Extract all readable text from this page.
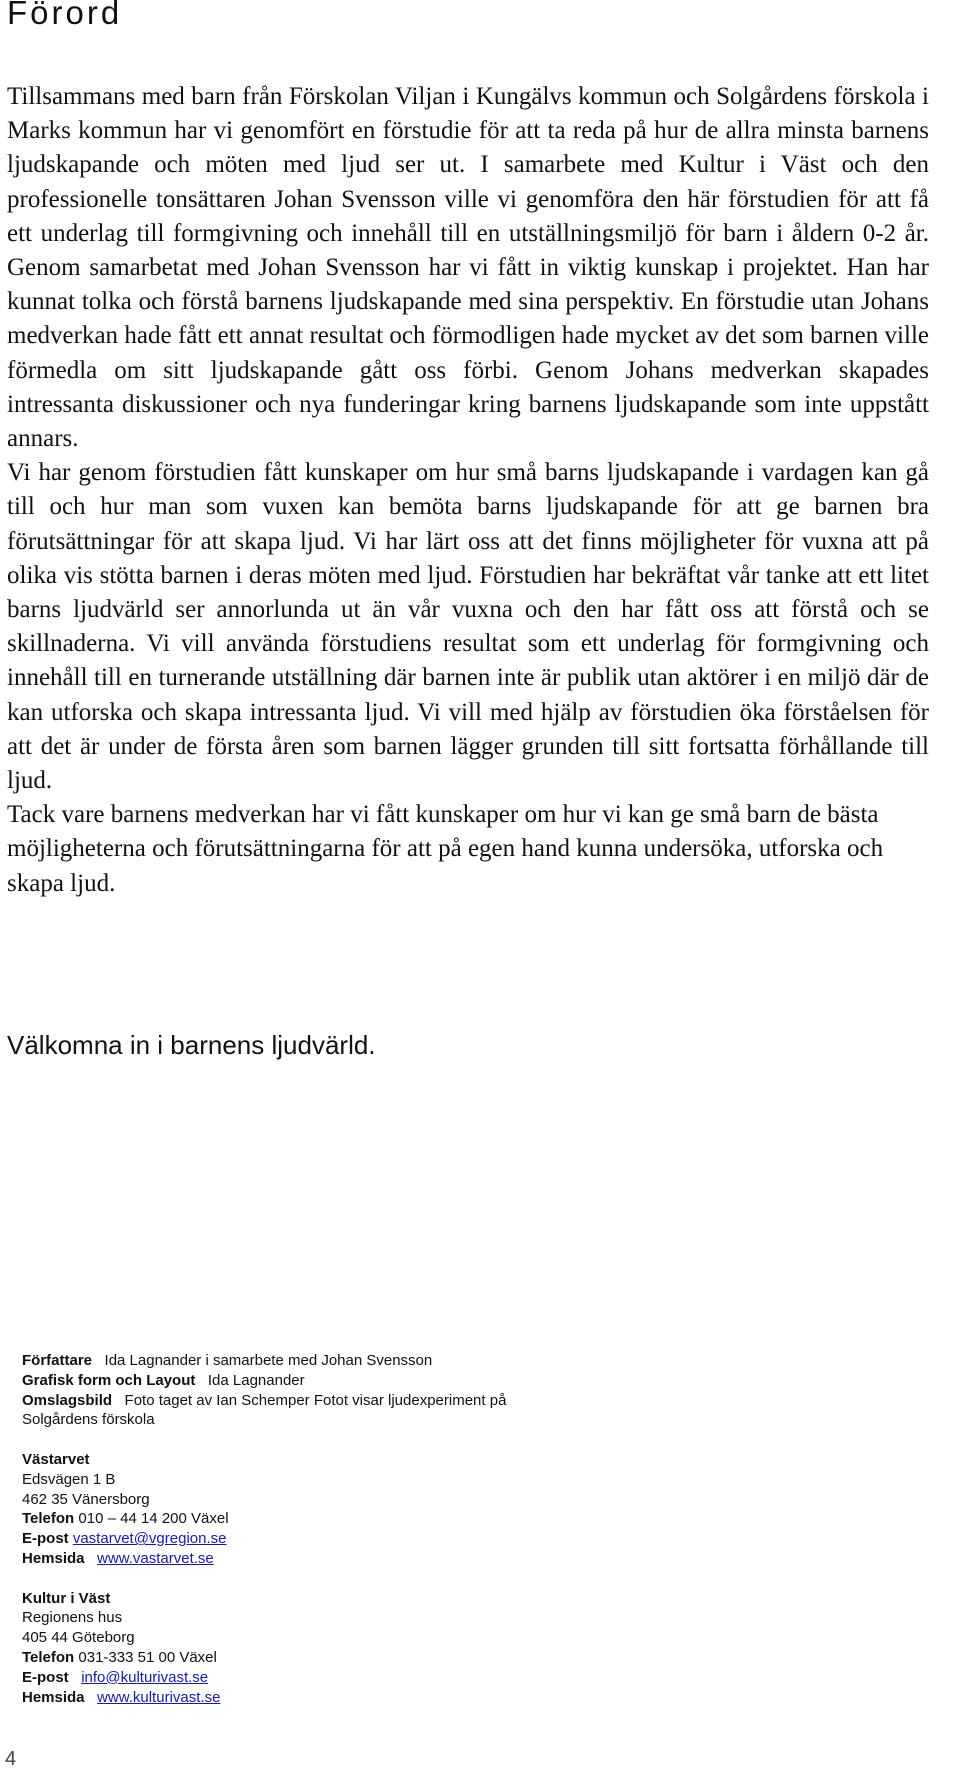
Förord

Tillsammans med barn från Förskolan Viljan i Kungälvs kommun och Solgårdens förskola i Marks kommun har vi genomfört en förstudie för att ta reda på hur de allra minsta barnens ljudskapande och möten med ljud ser ut. I samarbete med Kultur i Väst och den professionelle tonsättaren Johan Svensson ville vi genomföra den här förstudien för att få ett underlag till formgivning och innehåll till en utställningsmiljö för barn i åldern 0-2 år. Genom samarbetat med Johan Svensson har vi fått in viktig kunskap i projektet. Han har kunnat tolka och förstå barnens ljudskapande med sina perspektiv. En förstudie utan Johans medverkan hade fått ett annat resultat och förmodligen hade mycket av det som barnen ville förmedla om sitt ljudskapande gått oss förbi. Genom Johans medverkan skapades intressanta diskussioner och nya funderingar kring barnens ljudskapande som inte uppstått annars.

Vi har genom förstudien fått kunskaper om hur små barns ljudskapande i vardagen kan gå till och hur man som vuxen kan bemöta barns ljudskapande för att ge barnen bra förutsättningar för att skapa ljud. Vi har lärt oss att det finns möjligheter för vuxna att på olika vis stötta barnen i deras möten med ljud. Förstudien har bekräftat vår tanke att ett litet barns ljudvärld ser annorlunda ut än vår vuxna och den har fått oss att förstå och se skillnaderna. Vi vill använda förstudiens resultat som ett underlag för formgivning och innehåll till en turnerande utställning där barnen inte är publik utan aktörer i en miljö där de kan utforska och skapa intressanta ljud. Vi vill med hjälp av förstudien öka förståelsen för att det är under de första åren som barnen lägger grunden till sitt fortsatta förhållande till ljud.

Tack vare barnens medverkan har vi fått kunskaper om hur vi kan ge små barn de bästa möjligheterna och förutsättningarna för att på egen hand kunna undersöka, utforska och skapa ljud.

Välkomna in i barnens ljudvärld.

Författare Ida Lagnander i samarbete med Johan Svensson
Grafisk form och Layout Ida Lagnander
Omslagsbild Foto taget av Ian Schemper Fotot visar ljudexperiment på
Solgårdens förskola
Västarvet
Edsvägen 1 B
462 35 Vänersborg
Telefon 010 – 44 14 200 Växel
E-post vastarvet@vgregion.se
Hemsida www.vastarvet.se
Kultur i Väst
Regionens hus
405 44 Göteborg
Telefon 031-333 51 00 Växel
E-post info@kulturivast.se
Hemsida www.kulturivast.se
4
